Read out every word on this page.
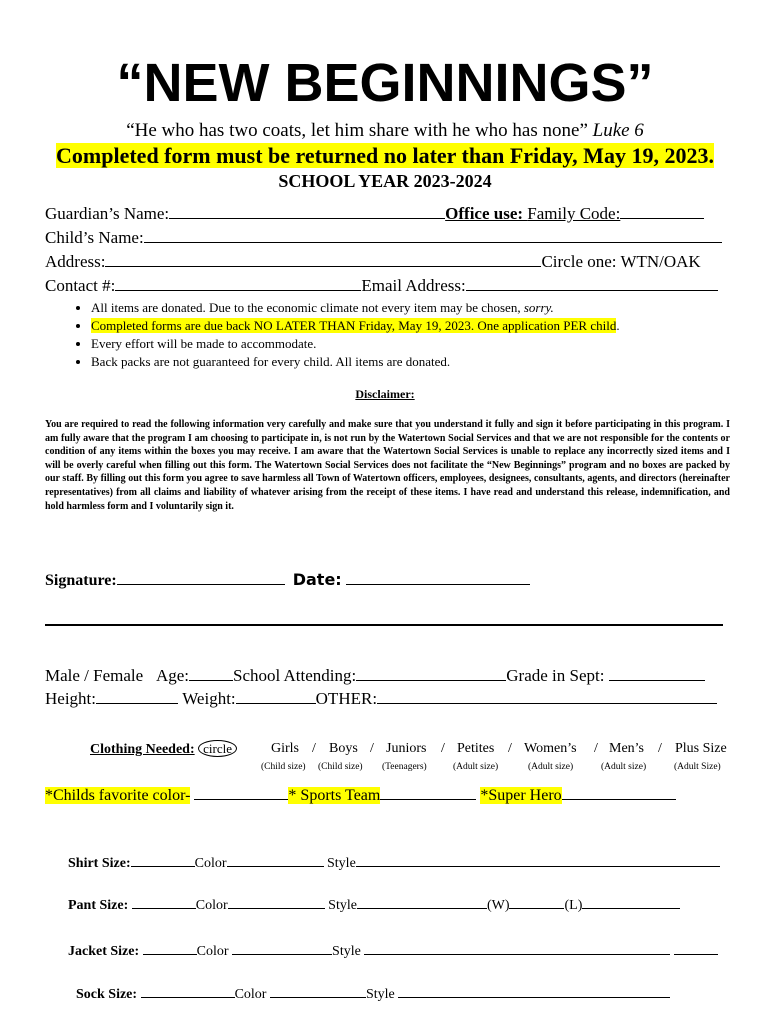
“NEW BEGINNINGS”
“He who has two coats, let him share with he who has none” Luke 6
Completed form must be returned no later than Friday, May 19, 2023.
SCHOOL YEAR 2023-2024
Guardian’s Name:	Office use: Family Code:
Child’s Name:
Address:	Circle one: WTN/OAK
Contact #:	Email Address:
• All items are donated. Due to the economic climate not every item may be chosen, sorry.
• Completed forms are due back NO LATER THAN Friday, May 19, 2023. One application PER child.
• Every effort will be made to accommodate.
• Back packs are not guaranteed for every child. All items are donated.
Disclaimer:
You are required to read the following information very carefully and make sure that you understand it fully and sign it before participating in this program. I am fully aware that the program I am choosing to participate in, is not run by the Watertown Social Services and that we are not responsible for the contents or condition of any items within the boxes you may receive. I am aware that the Watertown Social Services is unable to replace any incorrectly sized items and I will be overly careful when filling out this form. The Watertown Social Services does not facilitate the “New Beginnings” program and no boxes are packed by our staff. By filling out this form you agree to save harmless all Town of Watertown officers, employees, designees, consultants, agents, and directors (hereinafter representatives) from all claims and liability of whatever arising from the receipt of these items. I have read and understand this release, indemnification, and hold harmless form and I voluntarily sign it.
Signature:	Date:
Male / Female Age:	School Attending:	Grade in Sept:
Height:	Weight:	OTHER:
Clothing Needed: circle	Girls / Boys / Juniors / Petites / Women’s / Men’s / Plus Size
(Child size) (Child size) (Teenagers)	(Adult size)	(Adult size)	(Adult size)	(Adult Size)
*Childs favorite color-	* Sports Team	*Super Hero
Shirt Size:	Color	Style
Pant Size:	Color	Style	(W)	(L)
Jacket Size:	Color	Style
Sock Size:	Color	Style
